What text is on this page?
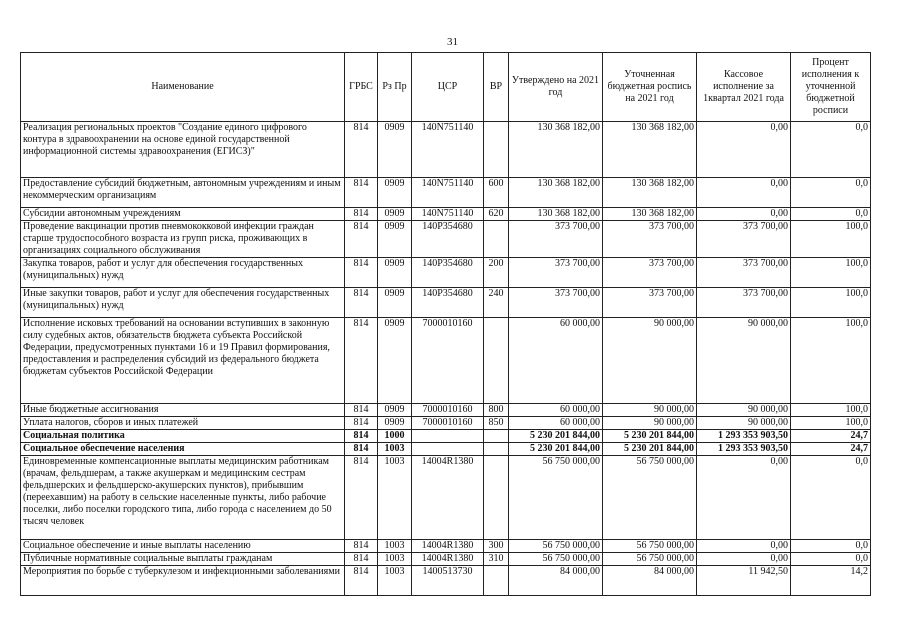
31
Наименование	ГРБС	Рз Пр	ЦСР	ВР	Утверждено на 2021 год	Уточненная бюджетная роспись на 2021 год	Кассовое исполнение за 1квартал 2021 года	Процент исполнения к уточненной бюджетной росписи
Реализация региональных проектов "Создание единого цифрового контура в здравоохранении на основе единой государственной информационной системы здравоохранения (ЕГИСЗ)"	814	0909	140N751140		130 368 182,00	130 368 182,00	0,00	0,0
Предоставление субсидий бюджетным, автономным учреждениям и иным некоммерческим организациям	814	0909	140N751140	600	130 368 182,00	130 368 182,00	0,00	0,0
Субсидии автономным учреждениям	814	0909	140N751140	620	130 368 182,00	130 368 182,00	0,00	0,0
Проведение вакцинации против пневмококковой инфекции граждан старше трудоспособного возраста из групп риска, проживающих в организациях социального обслуживания	814	0909	140P354680		373 700,00	373 700,00	373 700,00	100,0
Закупка товаров, работ и услуг для обеспечения государственных (муниципальных) нужд	814	0909	140P354680	200	373 700,00	373 700,00	373 700,00	100,0
Иные закупки товаров, работ и услуг для обеспечения государственных (муниципальных) нужд	814	0909	140P354680	240	373 700,00	373 700,00	373 700,00	100,0
Исполнение исковых требований на основании вступивших в законную силу судебных актов, обязательств бюджета субъекта Российской Федерации, предусмотренных пунктами 16 и 19 Правил формирования, предоставления и распределения субсидий из федерального бюджета бюджетам субъектов Российской Федерации	814	0909	7000010160		60 000,00	90 000,00	90 000,00	100,0
Иные бюджетные ассигнования	814	0909	7000010160	800	60 000,00	90 000,00	90 000,00	100,0
Уплата налогов, сборов и иных платежей	814	0909	7000010160	850	60 000,00	90 000,00	90 000,00	100,0
Социальная политика	814	1000			5 230 201 844,00	5 230 201 844,00	1 293 353 903,50	24,7
Социальное обеспечение населения	814	1003			5 230 201 844,00	5 230 201 844,00	1 293 353 903,50	24,7
Единовременные компенсационные выплаты медицинским работникам (врачам, фельдшерам, а также акушеркам и медицинским сестрам фельдшерских и фельдшерско-акушерских пунктов), прибывшим (переехавшим) на работу в сельские населенные пункты, либо рабочие поселки, либо поселки городского типа, либо города с населением до 50 тысяч человек	814	1003	14004R1380		56 750 000,00	56 750 000,00	0,00	0,0
Социальное обеспечение и иные выплаты населению	814	1003	14004R1380	300	56 750 000,00	56 750 000,00	0,00	0,0
Публичные нормативные социальные выплаты гражданам	814	1003	14004R1380	310	56 750 000,00	56 750 000,00	0,00	0,0
Мероприятия по борьбе с туберкулезом и инфекционными заболеваниями	814	1003	1400513730		84 000,00	84 000,00	11 942,50	14,2
